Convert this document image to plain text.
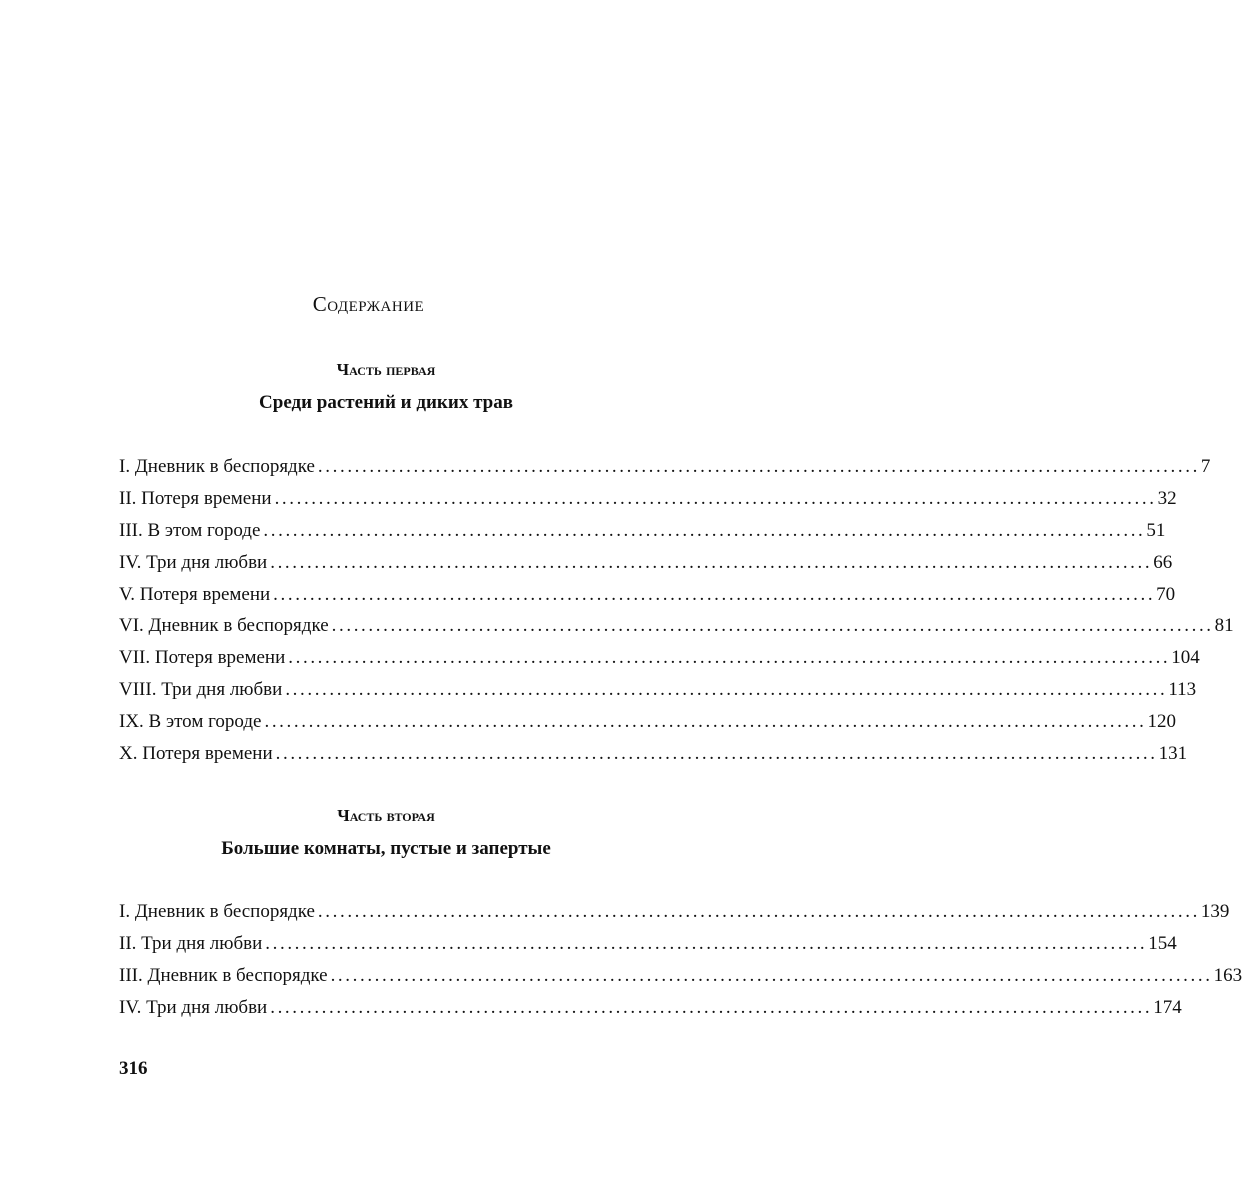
Содержание
Часть первая
Среди растений и диких трав
I. Дневник в беспорядке ........................................................................................................................ 7
II. Потеря времени ........................................................................................................................ 32
III. В этом городе ........................................................................................................................ 51
IV. Три дня любви ........................................................................................................................ 66
V. Потеря времени ........................................................................................................................ 70
VI. Дневник в беспорядке ........................................................................................................................ 81
VII. Потеря времени ........................................................................................................................ 104
VIII. Три дня любви ........................................................................................................................ 113
IX. В этом городе ........................................................................................................................ 120
X. Потеря времени ........................................................................................................................ 131
Часть вторая
Большие комнаты, пустые и запертые
I. Дневник в беспорядке ........................................................................................................................ 139
II. Три дня любви ........................................................................................................................ 154
III. Дневник в беспорядке ........................................................................................................................ 163
IV. Три дня любви ........................................................................................................................ 174
316
